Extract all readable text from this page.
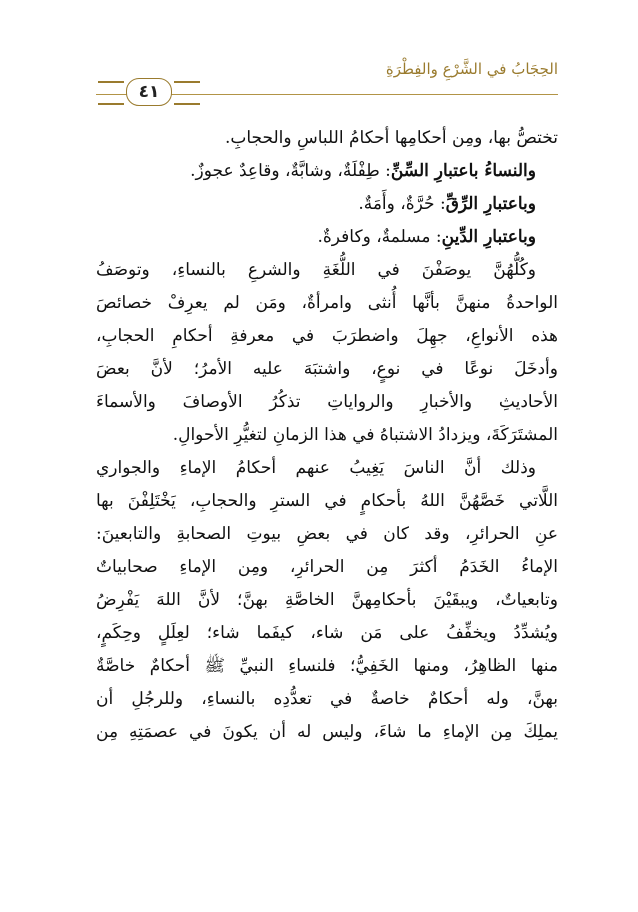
الحِجَابُ في الشَّرْعِ والفِطْرَةِ
٤١
تختصُّ بها، ومِن أحكامِها أحكامُ اللباسِ والحجابِ.
والنساءُ باعتبارِ السِّنِّ: طِفْلَةٌ، وشابَّةٌ، وقاعِدٌ عجوزٌ.
وباعتبارِ الرِّقِّ: حُرَّةٌ، وأَمَةٌ.
وباعتبارِ الدِّينِ: مسلمةٌ، وكافرةٌ.
وكُلُّهُنَّ يوصَفْنَ في اللُّغَةِ والشرعِ بالنساءِ، وتوصَفُ
الواحدةُ منهنَّ بأنَّها أُنثى وامرأةٌ، ومَن لم يعرِفْ خصائصَ
هذه الأنواعِ، جهِلَ واضطرَبَ في معرفةِ أحكامِ الحجابِ،
وأدخَلَ نوعًا في نوعٍ، واشتبَهَ عليه الأمرُ؛ لأنَّ بعضَ
الأحاديثِ والأخبارِ والرواياتِ تذكُرُ الأوصافَ والأسماءَ
المشتَرَكَةَ، ويزدادُ الاشتباهُ في هذا الزمانِ لتغيُّرِ الأحوالِ.
وذلك أنَّ الناسَ يَغِيبُ عنهم أحكامُ الإماءِ والجواري
اللَّاتي خَصَّهُنَّ اللهُ بأحكامٍ في السترِ والحجابِ، يَخْتَلِفْنَ بها
عنِ الحرائرِ، وقد كان في بعضِ بيوتِ الصحابةِ والتابعينَ:
الإماءُ الخَدَمُ أكثرَ مِن الحرائرِ، ومِن الإماءِ صحابياتٌ
وتابعياتٌ، ويبقَيْنَ بأحكامِهنَّ الخاصَّةِ بهنَّ؛ لأنَّ اللهَ يَفْرِضُ
ويُشدِّدُ ويخفِّفُ على مَن شاء، كيفَما شاء؛ لعِلَلٍ وحِكَمٍ،
منها الظاهِرُ، ومنها الخَفِيُّ؛ فلنساءِ النبيِّ ﷺ أحكامٌ خاصَّةٌ
بهنَّ، وله أحكامٌ خاصةٌ في تعدُّدِه بالنساءِ، وللرجُلِ أن
يملِكَ مِن الإماءِ ما شاءَ، وليس له أن يكونَ في عصمَتِهِ مِن
